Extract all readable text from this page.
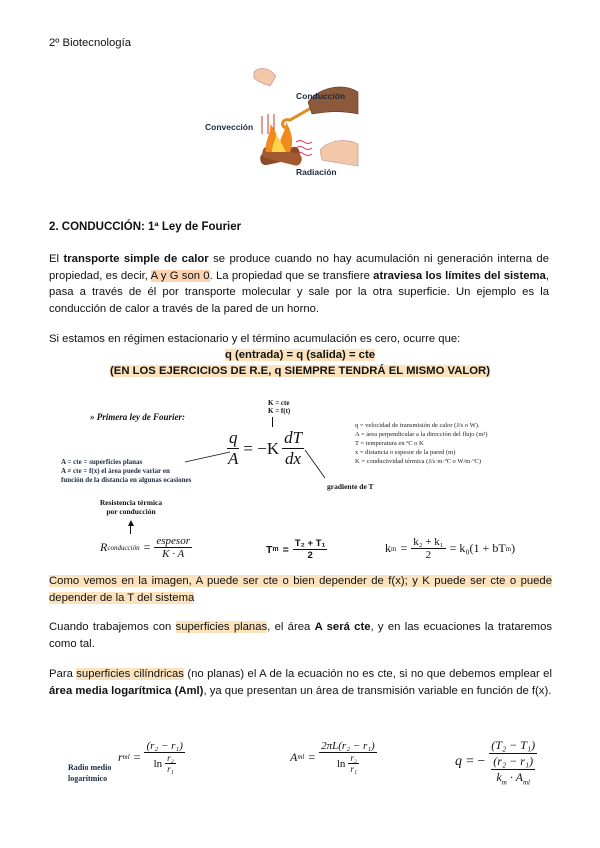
2º Biotecnología
Conducción
Convección
Radiación
2. CONDUCCIÓN: 1ª Ley de Fourier
El transporte simple de calor se produce cuando no hay acumulación ni generación interna de propiedad, es decir, A y G son 0. La propiedad que se transfiere atraviesa los límites del sistema, pasa a través de él por transporte molecular y sale por la otra superficie. Un ejemplo es la conducción de calor a través de la pared de un horno.
Si estamos en régimen estacionario y el término acumulación es cero, ocurre que:
q (entrada) = q (salida) = cte
(EN LOS EJERCICIOS DE R.E, q SIEMPRE TENDRÁ EL MISMO VALOR)
» Primera ley de Fourier:
K = cte
K = f(t)
$\frac{q}{A} = -K \frac{dT}{dx}$
q = velocidad de transmisión de calor (J/s o W).
A = área perpendicular a la dirección del flujo (m²)
T = temperatura en ºC o K
x = distancia o espesor de la pared (m)
K = conductividad térmica (J/s·m·ºC o W/m·ºC)
A = cte = superficies planas
A ≠ cte = f(x) el área puede variar en
función de la distancia en algunas ocasiones
gradiente de T
Resistencia térmica
por conducción
R conducción = $\frac{\text{espesor}}{K \cdot A}$	T $m = \frac{\text{T₂ + T₁}}{2}$	k $m = \frac{\text{k₂ + k₁}}{2} = k_0(1$ + bT m )
Como vemos en la imagen, A puede ser cte o bien depender de f(x); y K puede ser cte o puede depender de la T del sistema
Cuando trabajemos con superficies planas, el área A será cte, y en las ecuaciones la trataremos como tal.
Para superficies cilíndricas (no planas) el A de la ecuación no es cte, si no que debemos emplear el área media logarítmica (Aml), ya que presentan un área de transmisión variable en función de f(x).
Radio medio
logarítmico
r ml = $\frac{\text{(r₂ − r₁)}}{\ln \frac{\text{r₂}}{\text{r₁}}}$	A ml = $\frac{\text{2πL(r₂ − r₁)}}{\ln \frac{\text{r₂}}{\text{r₁}}}$	q = − (T₂ − T₁)
(r₂ − r₁)
$k_m \cdot A_{ml}$
